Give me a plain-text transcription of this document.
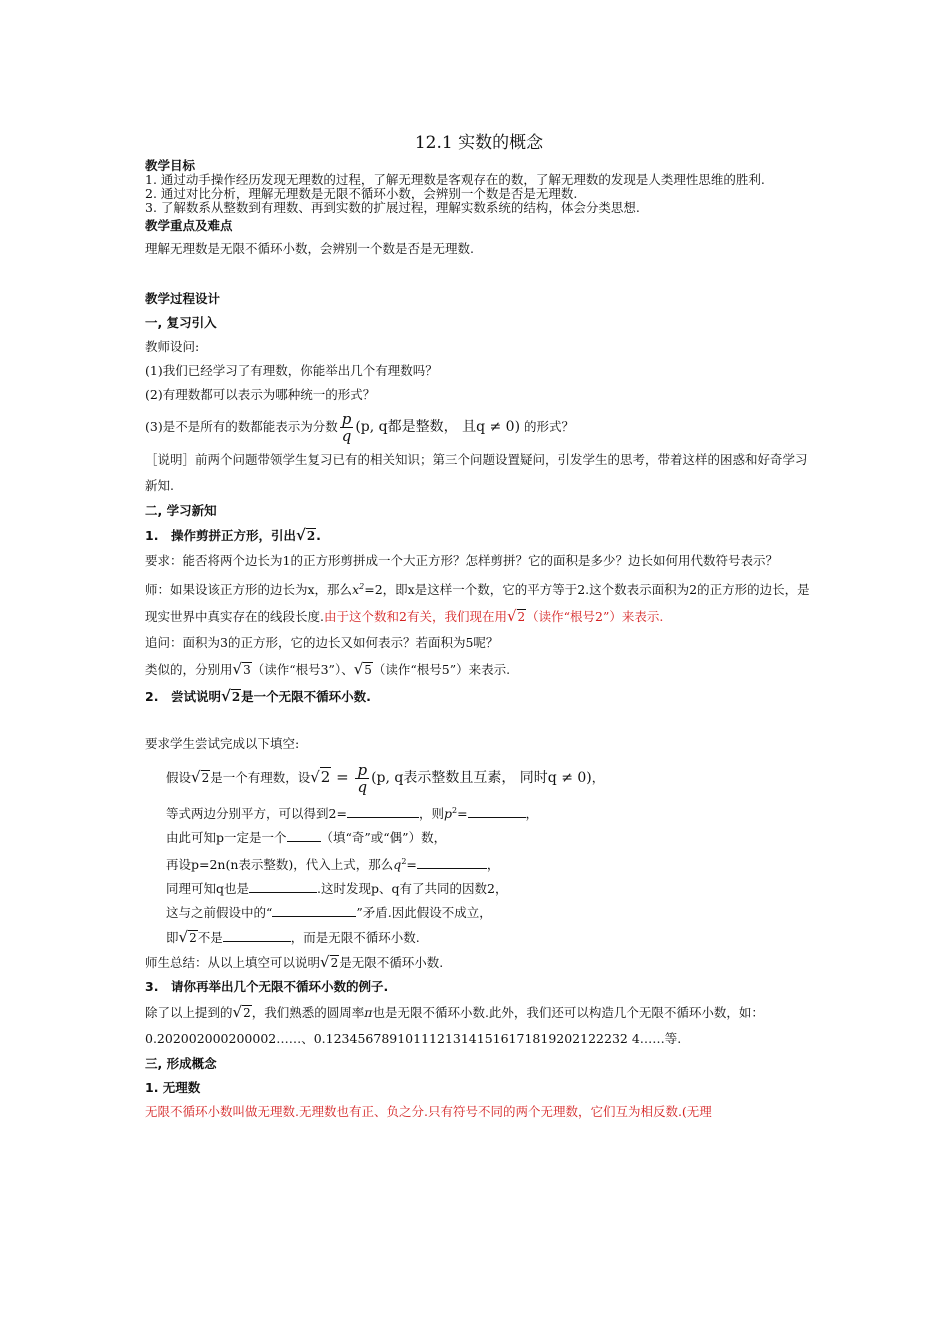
12.1 实数的概念
教学目标

1. 通过动手操作经历发现无理数的过程，了解无理数是客观存在的数，了解无理数的发现是人类理性思维的胜利.

2. 通过对比分析，理解无理数是无限不循环小数，会辨别一个数是否是无理数.

3. 了解数系从整数到有理数、再到实数的扩展过程，理解实数系统的结构，体会分类思想.

教学重点及难点

理解无理数是无限不循环小数，会辨别一个数是否是无理数.

教学过程设计
一, 复习引入

教师设问:

(1)我们已经学习了有理数，你能举出几个有理数吗？

(2)有理数都可以表示为哪种统一的形式？

(3)是不是所有的数都能表示为分数 $\frac{p}{q} (p$, q都是整数， 且q ≠ 0) 的形式？

［说明］前两个问题带领学生复习已有的相关知识；第三个问题设置疑问，引发学生的思考，带着这样的困惑和好奇学习新知.

二, 学习新知

1.　操作剪拼正方形，引出√2.

要求：能否将两个边长为1的正方形剪拼成一个大正方形？怎样剪拼？它的面积是多少？边长如何用代数符号表示？

师：如果设该正方形的边长为x，那么$x^2=2$，即x是这样一个数，它的平方等于2.这个数表示面积为2的正方形的边长，是现实世界中真实存在的线段长度.由于这个数和2有关，我们现在用√2（读作“根号2”）来表示.

追问：面积为3的正方形，它的边长又如何表示？若面积为5呢？

类似的，分别用√3（读作“根号3”）、√5（读作“根号5”）来表示.

2.　尝试说明√2是一个无限不循环小数.

要求学生尝试完成以下填空:

假设√2是一个有理数，设$√2 = \frac{p}{q} (p$, q表示整数且互素， 同时q ≠ 0)，

等式两边分别平方，可以得到2=	，则$p^2=$	，

由此可知p一定是一个	（填“奇”或“偶”）数，

再设p=2n(n表示整数)，代入上式，那么$q^2=$	，

同理可知q也是	.这时发现p、q有了共同的因数2，

这与之前假设中的“	”矛盾.因此假设不成立，

即√2不是	，而是无限不循环小数.

师生总结：从以上填空可以说明√2是无限不循环小数.

3.　请你再举出几个无限不循环小数的例子.

除了以上提到的√2，我们熟悉的圆周率π也是无限不循环小数.此外，我们还可以构造几个无限不循环小数，如：0.202002000200002……、0.12345678910111213141516171819202122232 4……等.

三, 形成概念
1. 无理数

无限不循环小数叫做无理数.无理数也有正、负之分.只有符号不同的两个无理数，它们互为相反数.(无理
